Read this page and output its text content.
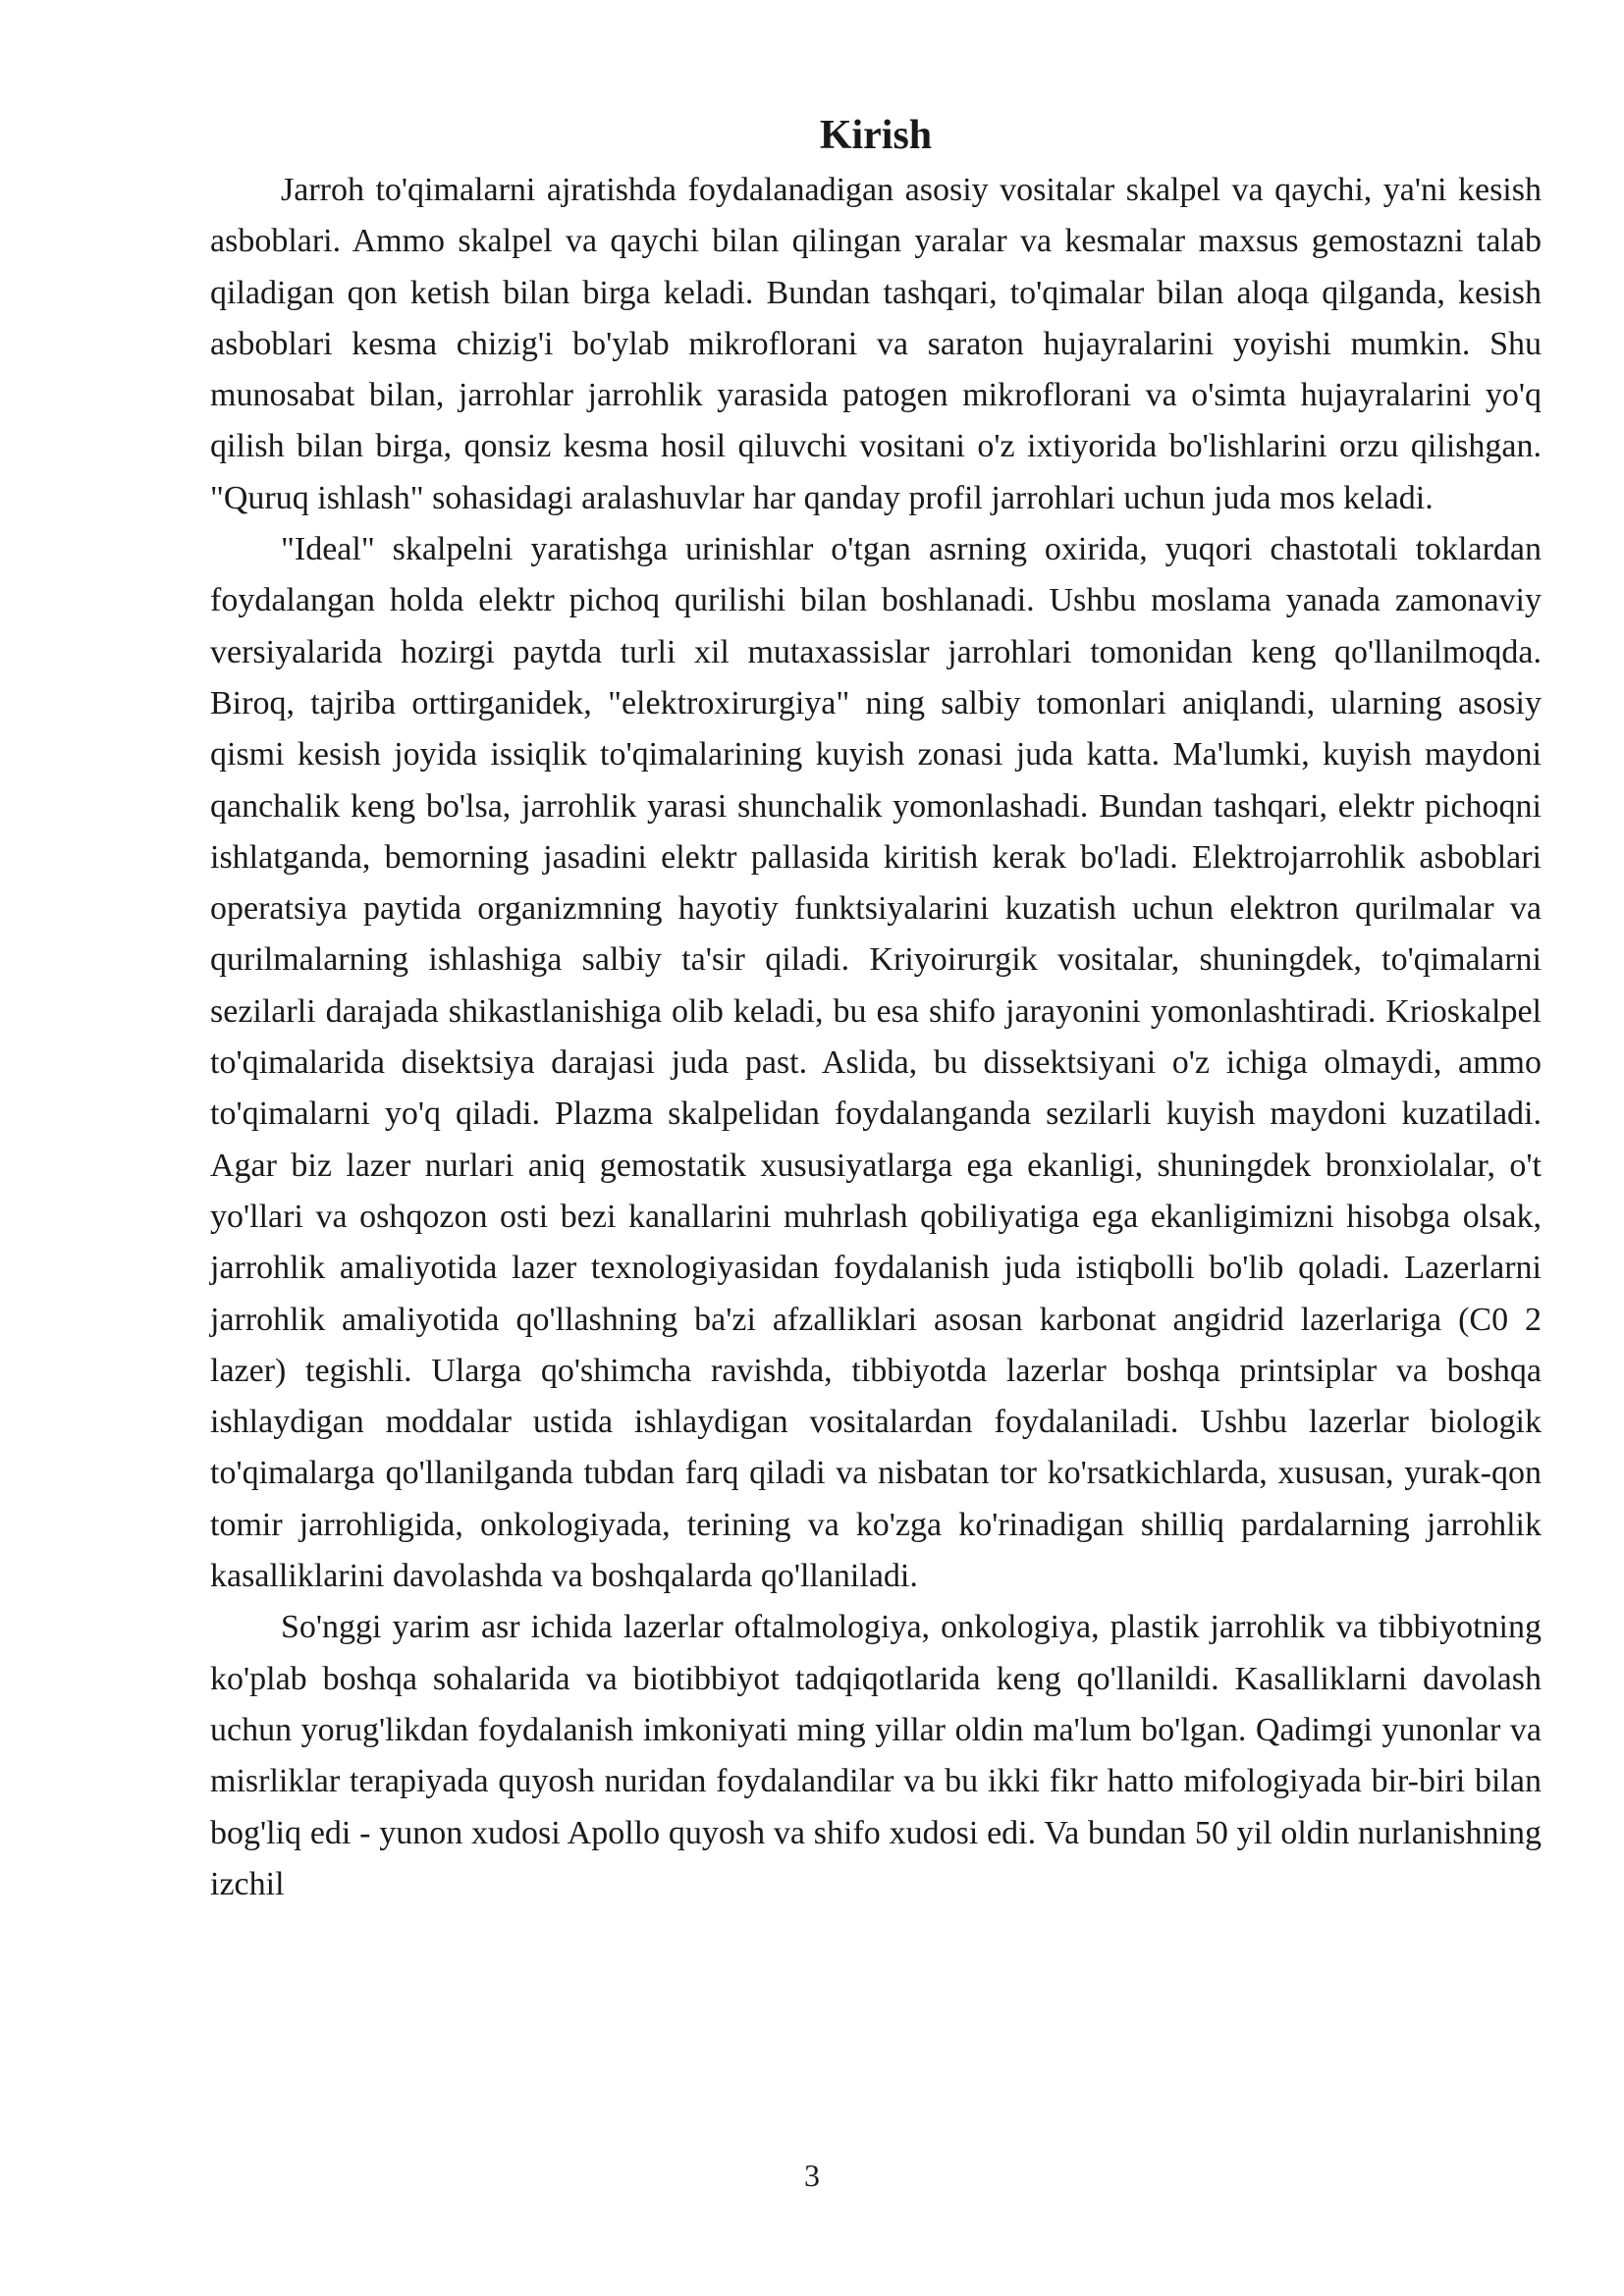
Kirish

Jarroh to'qimalarni ajratishda foydalanadigan asosiy vositalar skalpel va qaychi, ya'ni kesish asboblari. Ammo skalpel va qaychi bilan qilingan yaralar va kesmalar maxsus gemostazni talab qiladigan qon ketish bilan birga keladi. Bundan tashqari, to'qimalar bilan aloqa qilganda, kesish asboblari kesma chizig'i bo'ylab mikroflorani va saraton hujayralarini yoyishi mumkin. Shu munosabat bilan, jarrohlar jarrohlik yarasida patogen mikroflorani va o'simta hujayralarini yo'q qilish bilan birga, qonsiz kesma hosil qiluvchi vositani o'z ixtiyorida bo'lishlarini orzu qilishgan. "Quruq ishlash" sohasidagi aralashuvlar har qanday profil jarrohlari uchun juda mos keladi.

"Ideal" skalpelni yaratishga urinishlar o'tgan asrning oxirida, yuqori chastotali toklardan foydalangan holda elektr pichoq qurilishi bilan boshlanadi. Ushbu moslama yanada zamonaviy versiyalarida hozirgi paytda turli xil mutaxassislar jarrohlari tomonidan keng qo'llanilmoqda. Biroq, tajriba orttirganidek, "elektroxirurgiya" ning salbiy tomonlari aniqlandi, ularning asosiy qismi kesish joyida issiqlik to'qimalarining kuyish zonasi juda katta. Ma'lumki, kuyish maydoni qanchalik keng bo'lsa, jarrohlik yarasi shunchalik yomonlashadi. Bundan tashqari, elektr pichoqni ishlatganda, bemorning jasadini elektr pallasida kiritish kerak bo'ladi. Elektrojarrohlik asboblari operatsiya paytida organizmning hayotiy funktsiyalarini kuzatish uchun elektron qurilmalar va qurilmalarning ishlashiga salbiy ta'sir qiladi. Kriyoirurgik vositalar, shuningdek, to'qimalarni sezilarli darajada shikastlanishiga olib keladi, bu esa shifo jarayonini yomonlashtiradi. Krioskalpel to'qimalarida disektsiya darajasi juda past. Aslida, bu dissektsiyani o'z ichiga olmaydi, ammo to'qimalarni yo'q qiladi. Plazma skalpelidan foydalanganda sezilarli kuyish maydoni kuzatiladi. Agar biz lazer nurlari aniq gemostatik xususiyatlarga ega ekanligi, shuningdek bronxiolalar, o't yo'llari va oshqozon osti bezi kanallarini muhrlash qobiliyatiga ega ekanligimizni hisobga olsak, jarrohlik amaliyotida lazer texnologiyasidan foydalanish juda istiqbolli bo'lib qoladi. Lazerlarni jarrohlik amaliyotida qo'llashning ba'zi afzalliklari asosan karbonat angidrid lazerlariga (C0 2 lazer) tegishli. Ularga qo'shimcha ravishda, tibbiyotda lazerlar boshqa printsiplar va boshqa ishlaydigan moddalar ustida ishlaydigan vositalardan foydalaniladi. Ushbu lazerlar biologik to'qimalarga qo'llanilganda tubdan farq qiladi va nisbatan tor ko'rsatkichlarda, xususan, yurak-qon tomir jarrohligida, onkologiyada, terining va ko'zga ko'rinadigan shilliq pardalarning jarrohlik kasalliklarini davolashda va boshqalarda qo'llaniladi.

So'nggi yarim asr ichida lazerlar oftalmologiya, onkologiya, plastik jarrohlik va tibbiyotning ko'plab boshqa sohalarida va biotibbiyot tadqiqotlarida keng qo'llanildi. Kasalliklarni davolash uchun yorug'likdan foydalanish imkoniyati ming yillar oldin ma'lum bo'lgan. Qadimgi yunonlar va misrliklar terapiyada quyosh nuridan foydalandilar va bu ikki fikr hatto mifologiyada bir-biri bilan bog'liq edi - yunon xudosi Apollo quyosh va shifo xudosi edi. Va bundan 50 yil oldin nurlanishning izchil

3
